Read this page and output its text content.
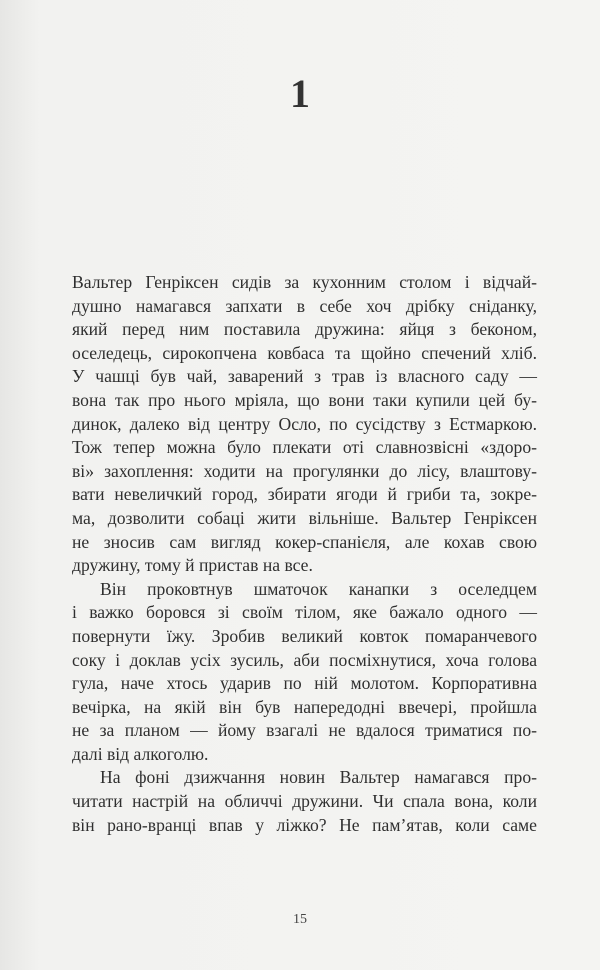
1
Вальтер Генріксен сидів за кухонним столом і відчай-
душно намагався запхати в себе хоч дрібку сніданку,
який перед ним поставила дружина: яйця з беконом,
оселедець, сирокопчена ковбаса та щойно спечений хліб.
У чашці був чай, заварений з трав із власного саду —
вона так про нього мріяла, що вони таки купили цей бу-
динок, далеко від центру Осло, по сусідству з Естмаркою.
Тож тепер можна було плекати оті славнозвісні «здоро-
ві» захоплення: ходити на прогулянки до лісу, влаштову-
вати невеличкий город, збирати ягоди й гриби та, зокре-
ма, дозволити собаці жити вільніше. Вальтер Генріксен
не зносив сам вигляд кокер-спанієля, але кохав свою
дружину, тому й пристав на все.
Він проковтнув шматочок канапки з оселедцем
і важко боровся зі своїм тілом, яке бажало одного —
повернути їжу. Зробив великий ковток помаранчевого
соку і доклав усіх зусиль, аби посміхнутися, хоча голова
гула, наче хтось ударив по ній молотом. Корпоративна
вечірка, на якій він був напередодні ввечері, пройшла
не за планом — йому взагалі не вдалося триматися по-
далі від алкоголю.
На фоні дзижчання новин Вальтер намагався про-
читати настрій на обличчі дружини. Чи спала вона, коли
він рано-вранці впав у ліжко? Не пам’ятав, коли саме
15
